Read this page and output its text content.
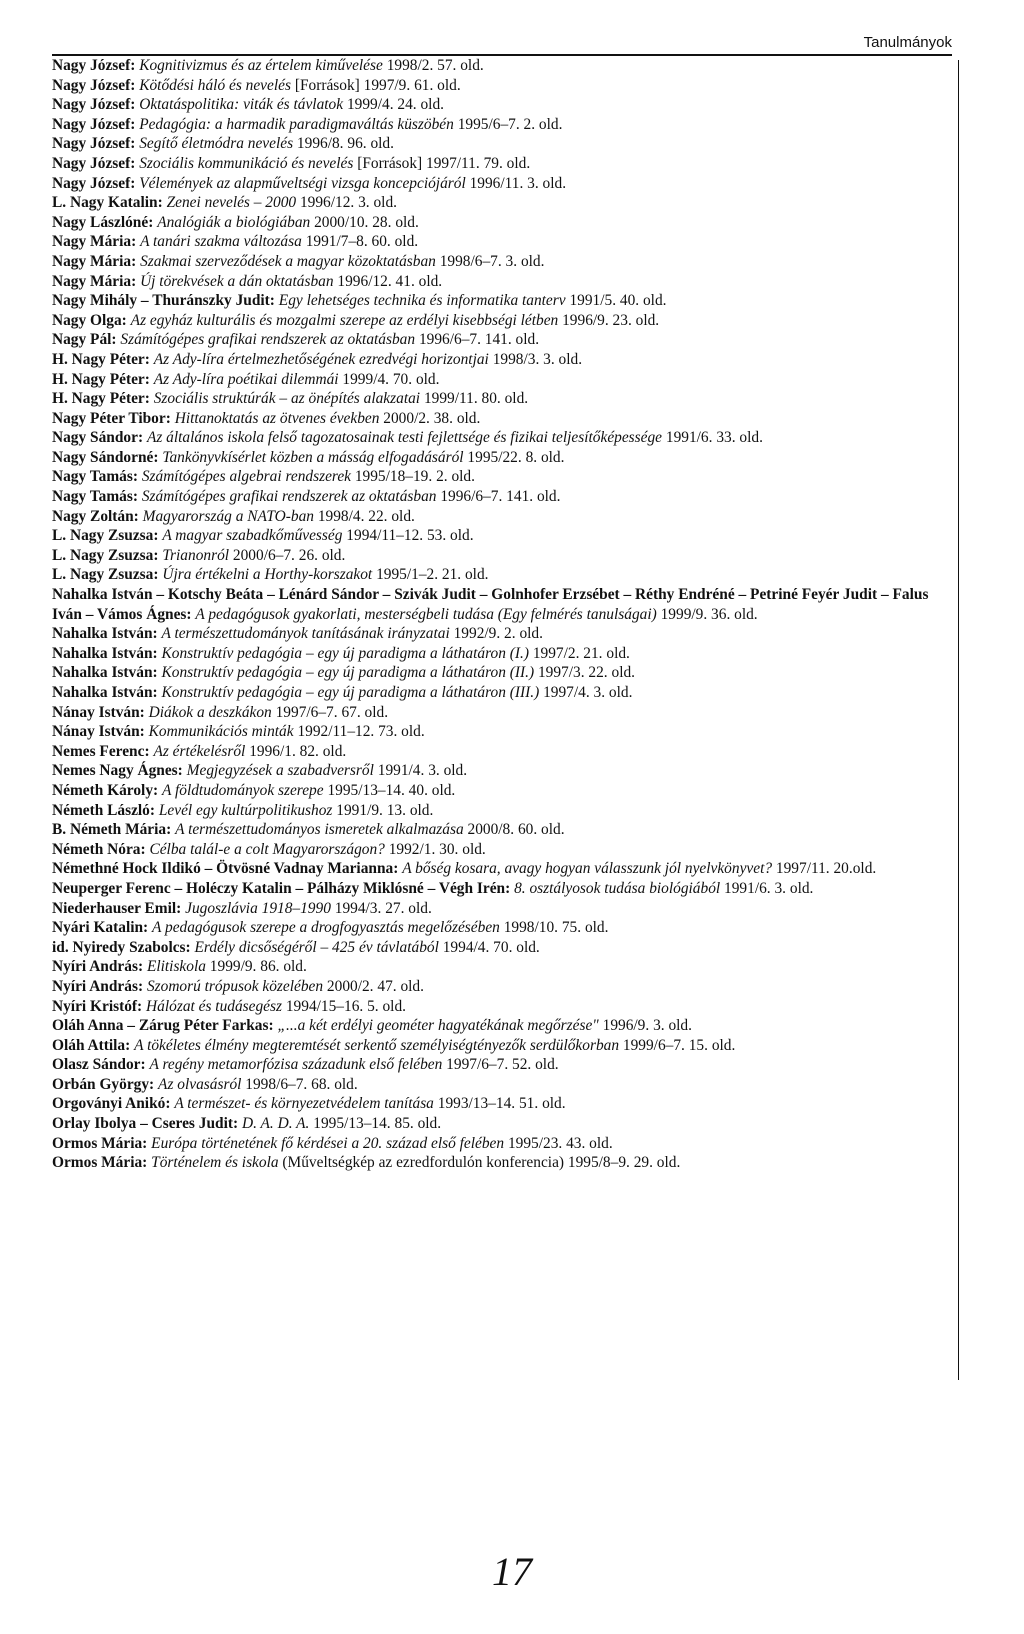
Tanulmányok

Nagy József: Kognitivizmus és az értelem kiművelése 1998/2. 57. old.

Nagy József: Kötődési háló és nevelés [Források] 1997/9. 61. old.

Nagy József: Oktatáspolitika: viták és távlatok 1999/4. 24. old.

Nagy József: Pedagógia: a harmadik paradigmaváltás küszöbén 1995/6–7. 2. old.

Nagy József: Segítő életmódra nevelés 1996/8. 96. old.

Nagy József: Szociális kommunikáció és nevelés [Források] 1997/11. 79. old.

Nagy József: Vélemények az alapműveltségi vizsga koncepciójáról 1996/11. 3. old.

L. Nagy Katalin: Zenei nevelés – 2000 1996/12. 3. old.

Nagy Lászlóné: Analógiák a biológiában 2000/10. 28. old.

Nagy Mária: A tanári szakma változása 1991/7–8. 60. old.

Nagy Mária: Szakmai szerveződések a magyar közoktatásban 1998/6–7. 3. old.

Nagy Mária: Új törekvések a dán oktatásban 1996/12. 41. old.

Nagy Mihály – Thuránszky Judit: Egy lehetséges technika és informatika tanterv 1991/5. 40. old.

Nagy Olga: Az egyház kulturális és mozgalmi szerepe az erdélyi kisebbségi létben 1996/9. 23. old.

Nagy Pál: Számítógépes grafikai rendszerek az oktatásban 1996/6–7. 141. old.

H. Nagy Péter: Az Ady-líra értelmezhetőségének ezredvégi horizontjai 1998/3. 3. old.

H. Nagy Péter: Az Ady-líra poétikai dilemmái 1999/4. 70. old.

H. Nagy Péter: Szociális struktúrák – az önépítés alakzatai 1999/11. 80. old.

Nagy Péter Tibor: Hittanoktatás az ötvenes években 2000/2. 38. old.

Nagy Sándor: Az általános iskola felső tagozatosainak testi fejlettsége és fizikai teljesítőképessége 1991/6. 33. old.

Nagy Sándorné: Tankönyvkísérlet közben a másság elfogadásáról 1995/22. 8. old.

Nagy Tamás: Számítógépes algebrai rendszerek 1995/18–19. 2. old.

Nagy Tamás: Számítógépes grafikai rendszerek az oktatásban 1996/6–7. 141. old.

Nagy Zoltán: Magyarország a NATO-ban 1998/4. 22. old.

L. Nagy Zsuzsa: A magyar szabadkőművesség 1994/11–12. 53. old.

L. Nagy Zsuzsa: Trianonról 2000/6–7. 26. old.

L. Nagy Zsuzsa: Újra értékelni a Horthy-korszakot 1995/1–2. 21. old.

Nahalka István – Kotschy Beáta – Lénárd Sándor – Szivák Judit – Golnhofer Erzsébet – Réthy Endréné – Petriné Feyér Judit – Falus Iván – Vámos Ágnes: A pedagógusok gyakorlati, mesterségbeli tudása (Egy felmérés tanulságai) 1999/9. 36. old.

Nahalka István: A természettudományok tanításának irányzatai 1992/9. 2. old.

Nahalka István: Konstruktív pedagógia – egy új paradigma a láthatáron (I.) 1997/2. 21. old.

Nahalka István: Konstruktív pedagógia – egy új paradigma a láthatáron (II.) 1997/3. 22. old.

Nahalka István: Konstruktív pedagógia – egy új paradigma a láthatáron (III.) 1997/4. 3. old.

Nánay István: Diákok a deszkákon 1997/6–7. 67. old.

Nánay István: Kommunikációs minták 1992/11–12. 73. old.

Nemes Ferenc: Az értékelésről 1996/1. 82. old.

Nemes Nagy Ágnes: Megjegyzések a szabadversről 1991/4. 3. old.

Németh Károly: A földtudományok szerepe 1995/13–14. 40. old.

Németh László: Levél egy kultúrpolitikushoz 1991/9. 13. old.

B. Németh Mária: A természettudományos ismeretek alkalmazása 2000/8. 60. old.

Németh Nóra: Célba talál-e a colt Magyarországon? 1992/1. 30. old.

Némethné Hock Ildikó – Ötvösné Vadnay Marianna: A bőség kosara, avagy hogyan válasszunk jól nyelvkönyvet? 1997/11. 20.old.

Neuperger Ferenc – Holéczy Katalin – Pálházy Miklósné – Végh Irén: 8. osztályosok tudása biológiából 1991/6. 3. old.

Niederhauser Emil: Jugoszlávia 1918–1990 1994/3. 27. old.

Nyári Katalin: A pedagógusok szerepe a drogfogyasztás megelőzésében 1998/10. 75. old.

id. Nyiredy Szabolcs: Erdély dicsőségéről – 425 év távlatából 1994/4. 70. old.

Nyíri András: Elitiskola 1999/9. 86. old.

Nyíri András: Szomorú trópusok közelében 2000/2. 47. old.

Nyíri Kristóf: Hálózat és tudásegész 1994/15–16. 5. old.

Oláh Anna – Zárug Péter Farkas: „...a két erdélyi geométer hagyatékának megőrzése" 1996/9. 3. old.

Oláh Attila: A tökéletes élmény megteremtését serkentő személyiségtényezők serdülőkorban 1999/6–7. 15. old.

Olasz Sándor: A regény metamorfózisa századunk első felében 1997/6–7. 52. old.

Orbán György: Az olvasásról 1998/6–7. 68. old.

Orgoványi Anikó: A természet- és környezetvédelem tanítása 1993/13–14. 51. old.

Orlay Ibolya – Cseres Judit: D. A. D. A. 1995/13–14. 85. old.

Ormos Mária: Európa történetének fő kérdései a 20. század első felében 1995/23. 43. old.

Ormos Mária: Történelem és iskola (Műveltségkép az ezredfordulón konferencia) 1995/8–9. 29. old.

17
